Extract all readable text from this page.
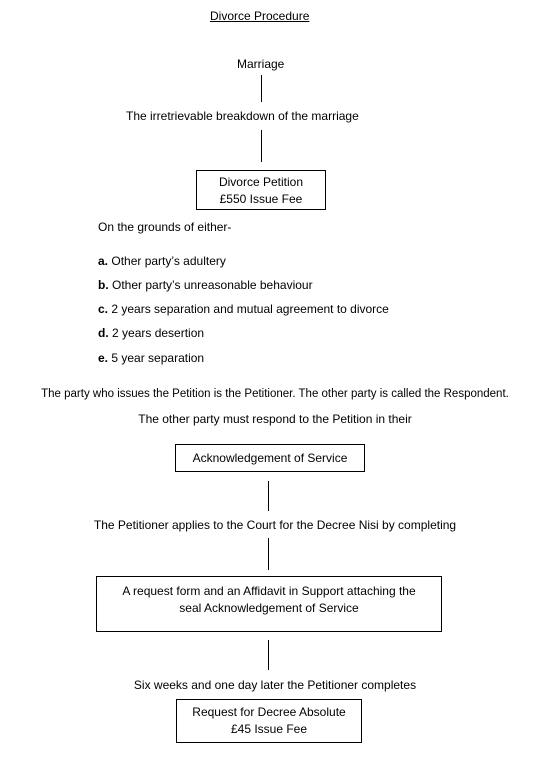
Divorce Procedure
Marriage
The irretrievable breakdown of the marriage
Divorce Petition
£550 Issue Fee
On the grounds of either-
a. Other party’s adultery
b. Other party’s unreasonable behaviour
c. 2 years separation and mutual agreement to divorce
d. 2 years desertion
e. 5 year separation
The party who issues the Petition is the Petitioner. The other party is called the Respondent.
The other party must respond to the Petition in their
Acknowledgement of Service
The Petitioner applies to the Court for the Decree Nisi by completing
A request form and an Affidavit in Support attaching the
seal Acknowledgement of Service
Six weeks and one day later the Petitioner completes
Request for Decree Absolute
£45 Issue Fee
